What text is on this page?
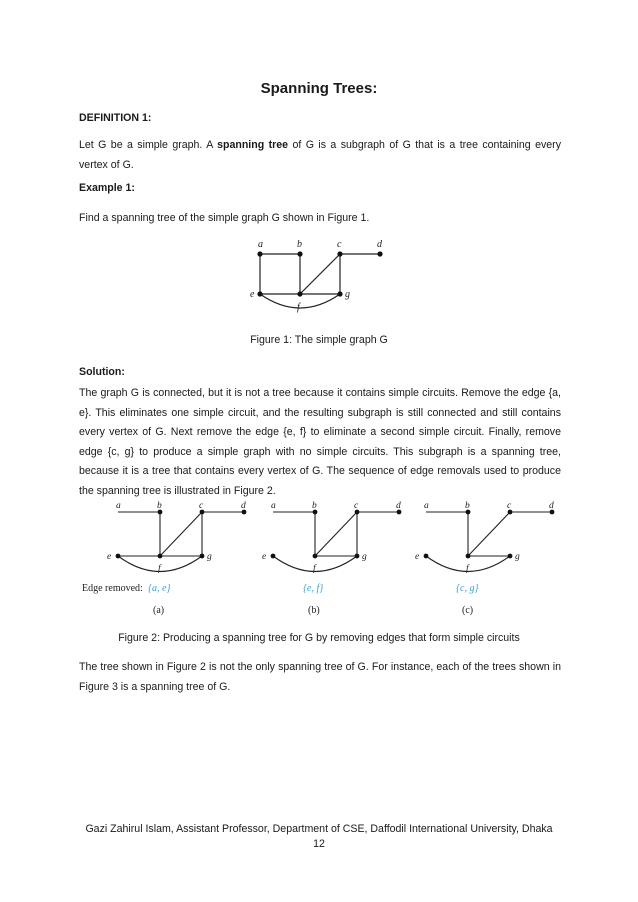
Spanning Trees:
DEFINITION 1:

Let G be a simple graph. A spanning tree of G is a subgraph of G that is a tree containing every vertex of G.

Example 1:
Find a spanning tree of the simple graph G shown in Figure 1.
a	b	c	d
e
f
g
Figure 1: The simple graph G
Solution:

The graph G is connected, but it is not a tree because it contains simple circuits. Remove the edge {a, e}. This eliminates one simple circuit, and the resulting subgraph is still connected and still contains every vertex of G. Next remove the edge {e, f} to eliminate a second simple circuit. Finally, remove edge {c, g} to produce a simple graph with no simple circuits. This subgraph is a spanning tree, because it is a tree that contains every vertex of G. The sequence of edge removals used to produce the spanning tree is illustrated in Figure 2.

a	b	c	d
e
f
g
a	b	c	d
e
f
g
a	b	c	d
e
f
g
Edge removed: {a, e}	{e, f}	{c, g}
(a)	(b)	(c)
Figure 2: Producing a spanning tree for G by removing edges that form simple circuits

The tree shown in Figure 2 is not the only spanning tree of G. For instance, each of the trees shown in Figure 3 is a spanning tree of G.

Gazi Zahirul Islam, Assistant Professor, Department of CSE, Daffodil International University, Dhaka
12
